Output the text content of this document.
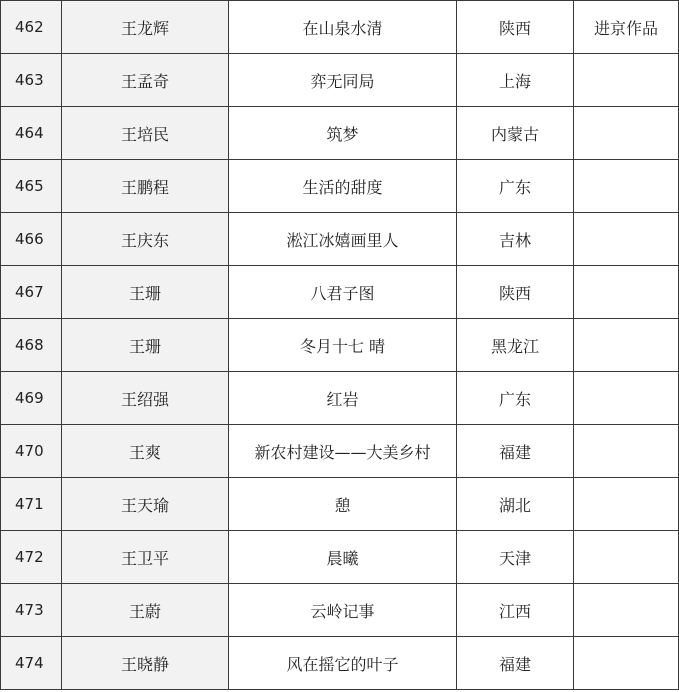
462	王龙辉	在山泉水清	陕西	进京作品
463	王孟奇	弈无同局	上海	
464	王培民	筑梦	内蒙古	
465	王鹏程	生活的甜度	广东	
466	王庆东	淞江冰嬉画里人	吉林	
467	王珊	八君子图	陕西	
468	王珊	冬月十七 晴	黑龙江	
469	王绍强	红岩	广东	
470	王爽	新农村建设——大美乡村	福建	
471	王天瑜	憩	湖北	
472	王卫平	晨曦	天津	
473	王蔚	云岭记事	江西	
474	王晓静	风在摇它的叶子	福建	
